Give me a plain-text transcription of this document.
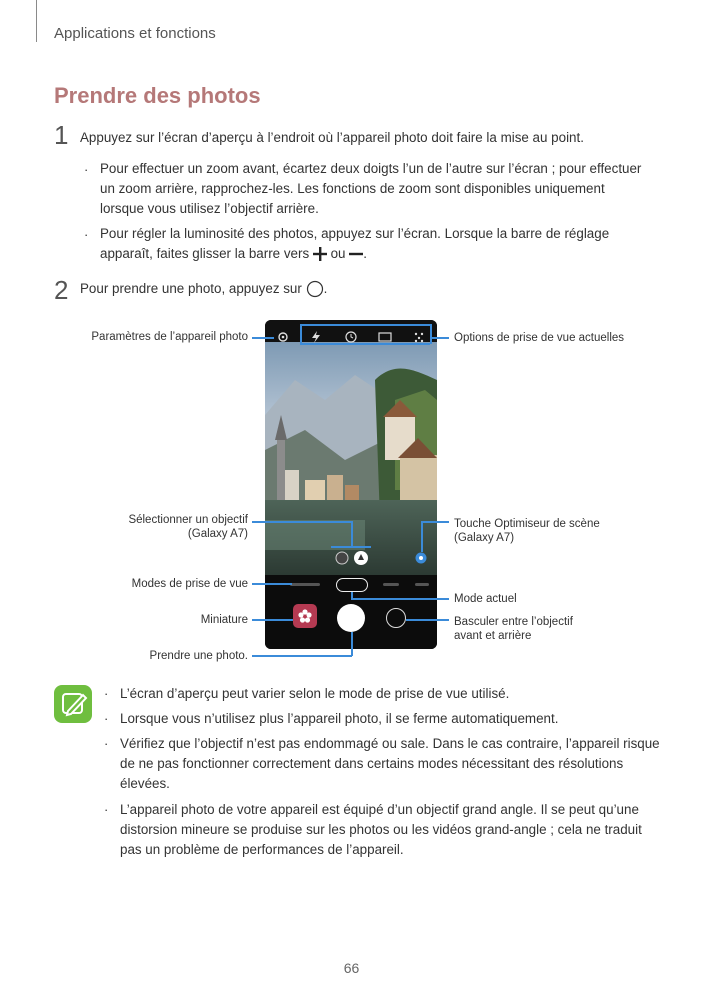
Applications et fonctions
Prendre des photos
1 Appuyez sur l’écran d’aperçu à l’endroit où l’appareil photo doit faire la mise au point.
· Pour effectuer un zoom avant, écartez deux doigts l’un de l’autre sur l’écran ; pour effectuer
un zoom arrière, rapprochez-les. Les fonctions de zoom sont disponibles uniquement
lorsque vous utilisez l’objectif arrière.
· Pour régler la luminosité des photos, appuyez sur l’écran. Lorsque la barre de réglage
apparaît, faites glisser la barre vers ou .
2 Pour prendre une photo, appuyez sur .
Paramètres de l’appareil photo	Options de prise de vue actuelles
Sélectionner un objectif
(Galaxy A7)
Touche Optimiseur de scène
(Galaxy A7)
Modes de prise de vue
Mode actuel
Miniature	Basculer entre l’objectif
avant et arrière
Prendre une photo.
· L’écran d’aperçu peut varier selon le mode de prise de vue utilisé.
· Lorsque vous n’utilisez plus l’appareil photo, il se ferme automatiquement.
· Vérifiez que l’objectif n’est pas endommagé ou sale. Dans le cas contraire, l’appareil risque
de ne pas fonctionner correctement dans certains modes nécessitant des résolutions
élevées.
· L’appareil photo de votre appareil est équipé d’un objectif grand angle. Il se peut qu’une
distorsion mineure se produise sur les photos ou les vidéos grand-angle ; cela ne traduit
pas un problème de performances de l’appareil.
66
